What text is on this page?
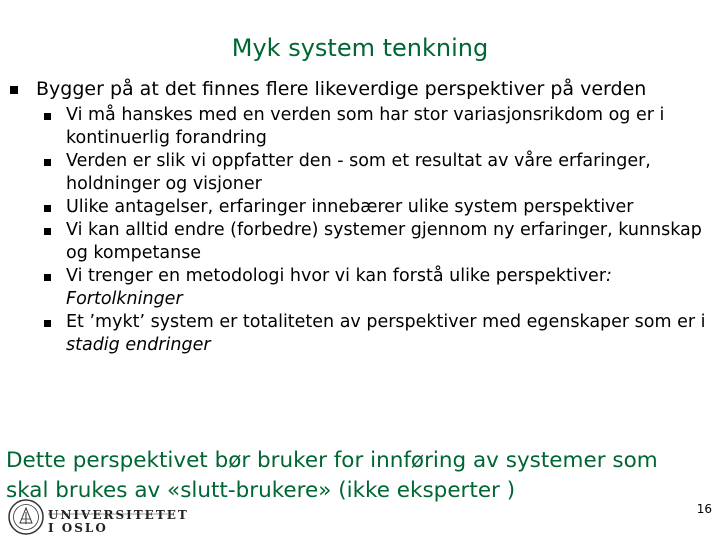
Myk system tenkning
Bygger på at det finnes flere likeverdige perspektiver på verden
Vi må hanskes med en verden som har stor variasjonsrikdom og er i kontinuerlig forandring
Verden er slik vi oppfatter den - som et resultat av våre erfaringer, holdninger og visjoner
Ulike antagelser, erfaringer innebærer ulike system perspektiver
Vi kan alltid endre (forbedre) systemer gjennom ny erfaringer, kunnskap og kompetanse
Vi trenger en metodologi hvor vi kan forstå ulike perspektiver: Fortolkninger
Et ’mykt’ system er totaliteten av perspektiver med egenskaper som er i stadig endringer
Dette perspektivet bør bruker for innføring av systemer som skal brukes av «slutt-brukere» (ikke eksperter )
UNIVERSITETET
I OSLO
16
